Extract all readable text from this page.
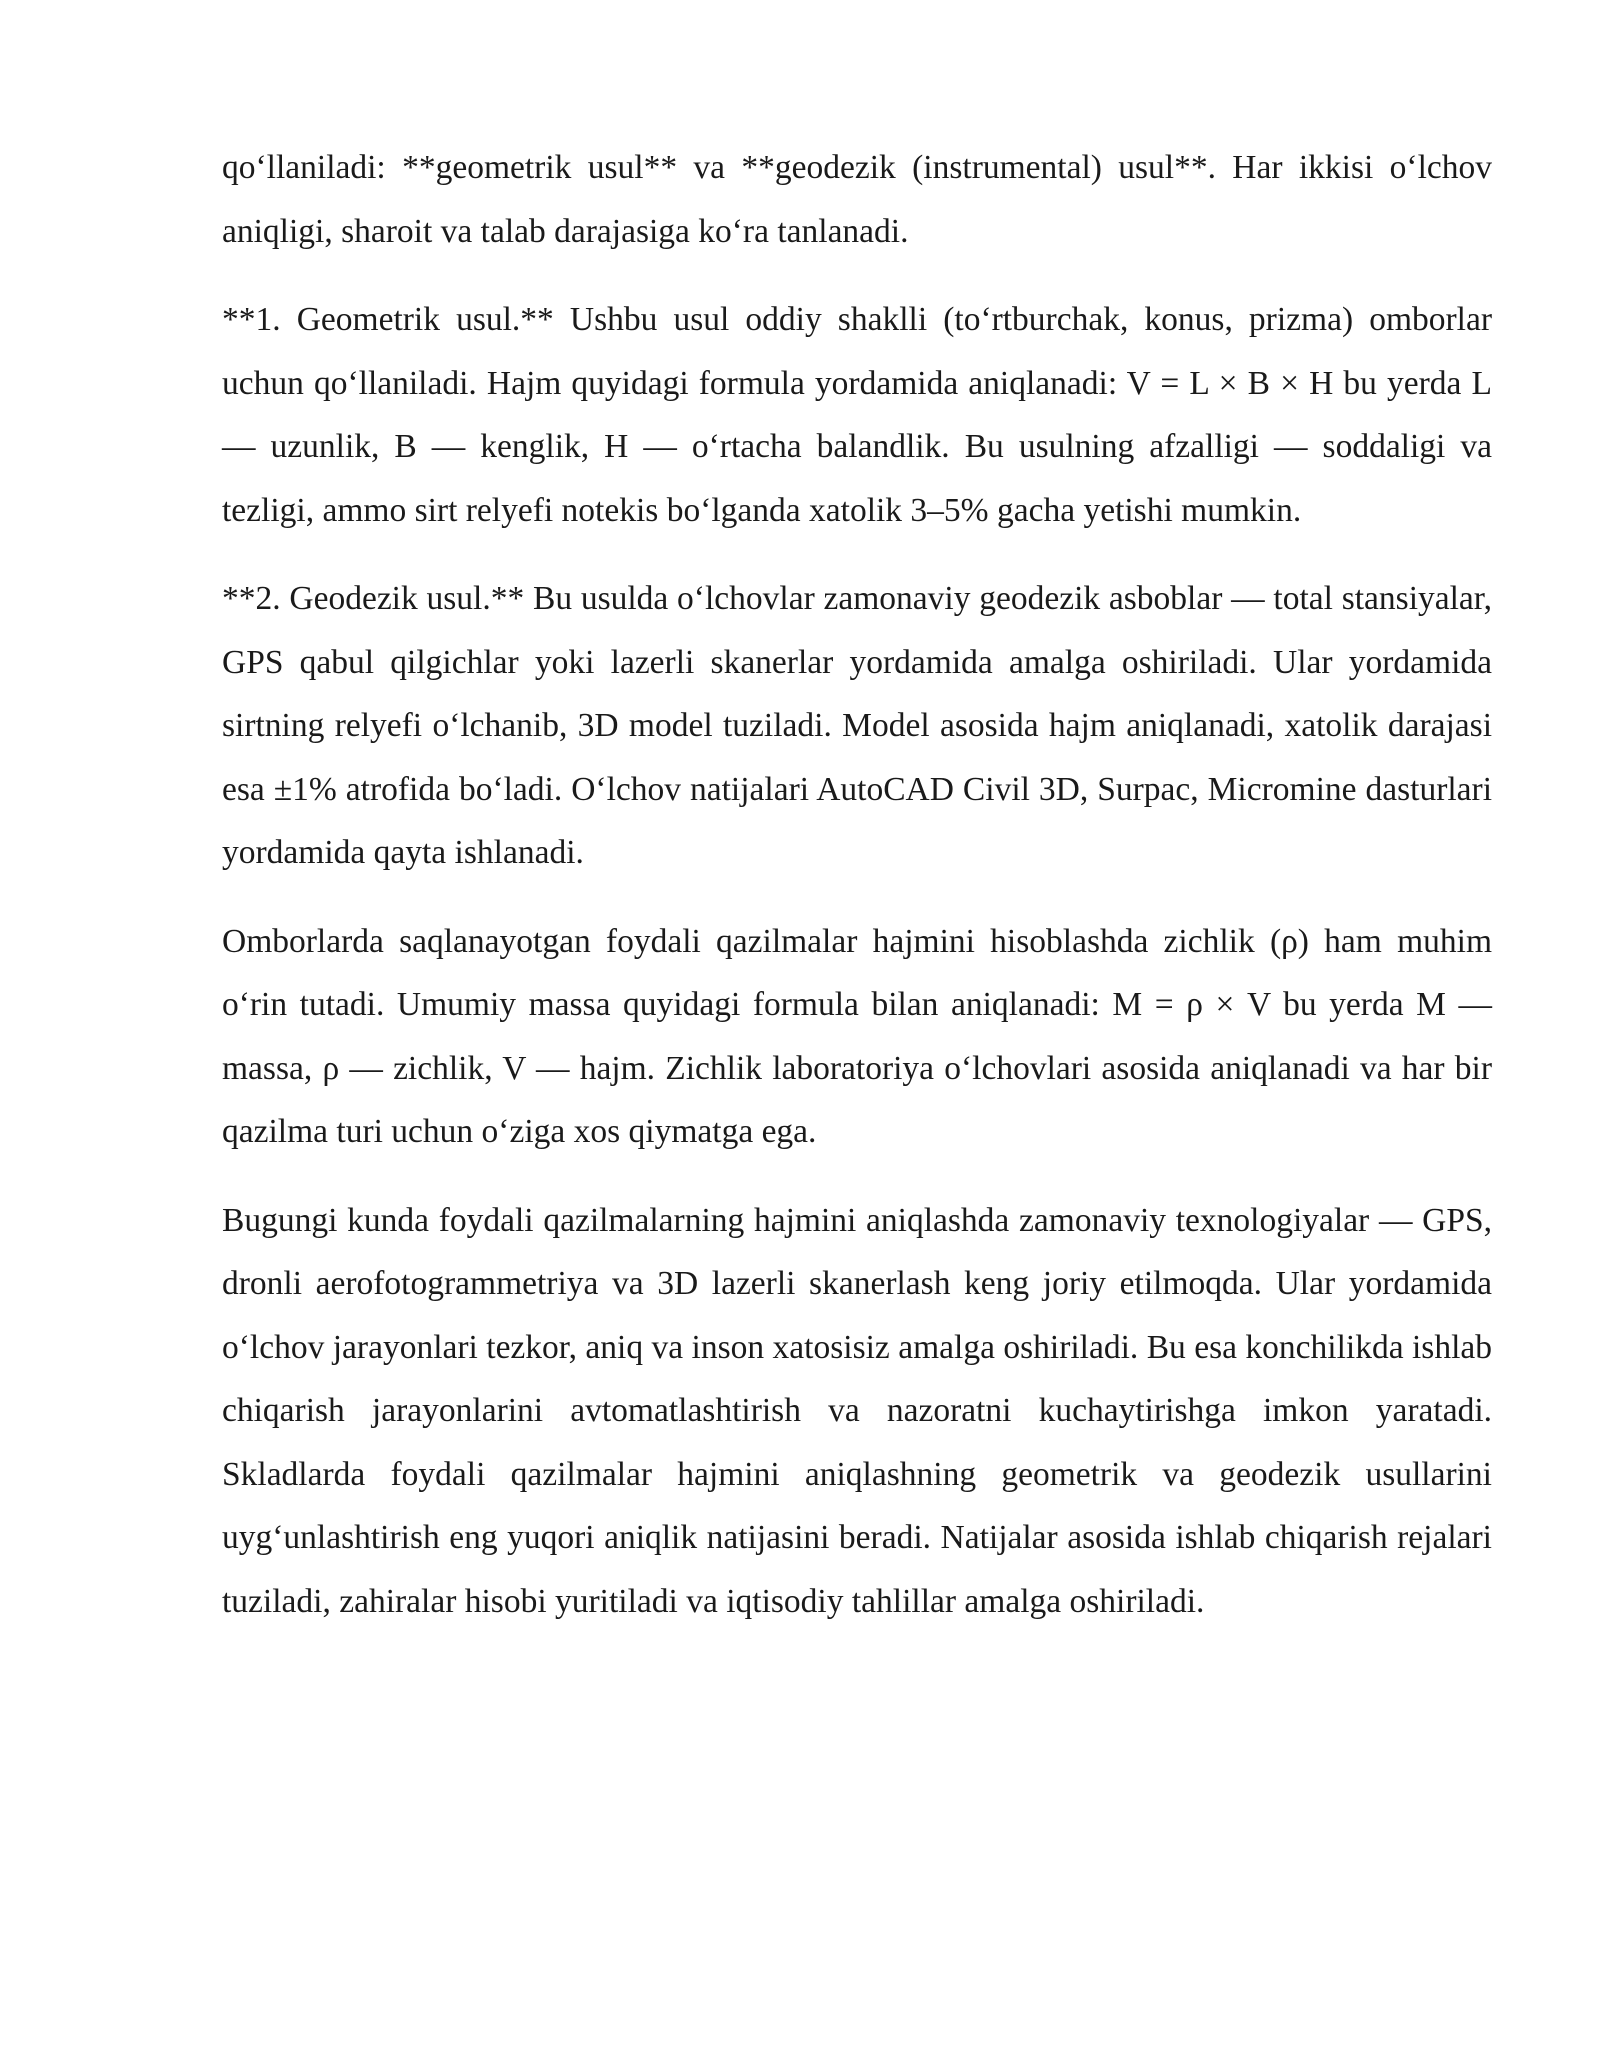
qo‘llaniladi: **geometrik usul** va **geodezik (instrumental) usul**. Har ikkisi o‘lchov aniqligi, sharoit va talab darajasiga ko‘ra tanlanadi.

**1. Geometrik usul.** Ushbu usul oddiy shaklli (to‘rtburchak, konus, prizma) omborlar uchun qo‘llaniladi. Hajm quyidagi formula yordamida aniqlanadi: V = L × B × H bu yerda L — uzunlik, B — kenglik, H — o‘rtacha balandlik. Bu usulning afzalligi — soddaligi va tezligi, ammo sirt relyefi notekis bo‘lganda xatolik 3–5% gacha yetishi mumkin.

**2. Geodezik usul.** Bu usulda o‘lchovlar zamonaviy geodezik asboblar — total stansiyalar, GPS qabul qilgichlar yoki lazerli skanerlar yordamida amalga oshiriladi. Ular yordamida sirtning relyefi o‘lchanib, 3D model tuziladi. Model asosida hajm aniqlanadi, xatolik darajasi esa ±1% atrofida bo‘ladi. O‘lchov natijalari AutoCAD Civil 3D, Surpac, Micromine dasturlari yordamida qayta ishlanadi.

Omborlarda saqlanayotgan foydali qazilmalar hajmini hisoblashda zichlik (ρ) ham muhim o‘rin tutadi. Umumiy massa quyidagi formula bilan aniqlanadi: M = ρ × V bu yerda M — massa, ρ — zichlik, V — hajm. Zichlik laboratoriya o‘lchovlari asosida aniqlanadi va har bir qazilma turi uchun o‘ziga xos qiymatga ega.

Bugungi kunda foydali qazilmalarning hajmini aniqlashda zamonaviy texnologiyalar — GPS, dronli aerofotogrammetriya va 3D lazerli skanerlash keng joriy etilmoqda. Ular yordamida o‘lchov jarayonlari tezkor, aniq va inson xatosisiz amalga oshiriladi. Bu esa konchilikda ishlab chiqarish jarayonlarini avtomatlashtirish va nazoratni kuchaytirishga imkon yaratadi. Skladlarda foydali qazilmalar hajmini aniqlashning geometrik va geodezik usullarini uyg‘unlashtirish eng yuqori aniqlik natijasini beradi. Natijalar asosida ishlab chiqarish rejalari tuziladi, zahiralar hisobi yuritiladi va iqtisodiy tahlillar amalga oshiriladi.
